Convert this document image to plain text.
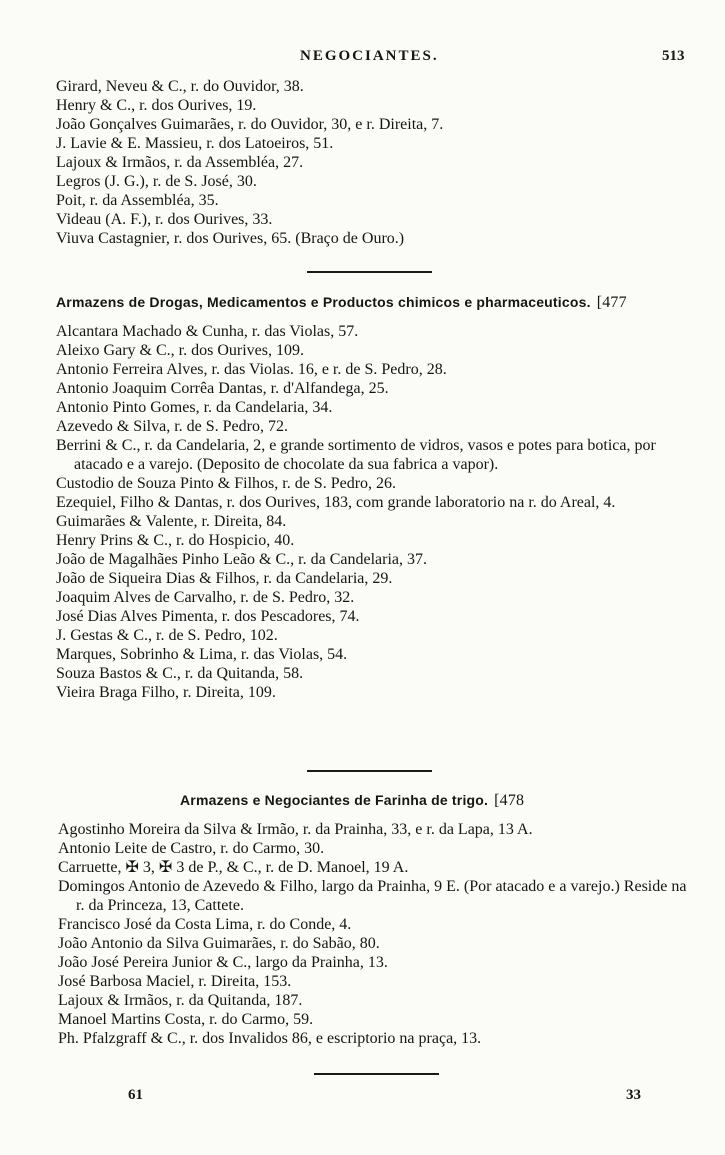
NEGOCIANTES.	513

Girard, Neveu & C., r. do Ouvidor, 38.

Henry & C., r. dos Ourives, 19.

João Gonçalves Guimarães, r. do Ouvidor, 30, e r. Direita, 7.

J. Lavie & E. Massieu, r. dos Latoeiros, 51.

Lajoux & Irmãos, r. da Assembléa, 27.

Legros (J. G.), r. de S. José, 30.

Poit, r. da Assembléa, 35.

Videau (A. F.), r. dos Ourives, 33.

Viuva Castagnier, r. dos Ourives, 65. (Braço de Ouro.)

Armazens de Drogas, Medicamentos e Productos chimicos e pharmaceuticos. [477

Alcantara Machado & Cunha, r. das Violas, 57.

Aleixo Gary & C., r. dos Ourives, 109.

Antonio Ferreira Alves, r. das Violas. 16, e r. de S. Pedro, 28.

Antonio Joaquim Corrêa Dantas, r. d'Alfandega, 25.

Antonio Pinto Gomes, r. da Candelaria, 34.

Azevedo & Silva, r. de S. Pedro, 72.

Berrini & C., r. da Candelaria, 2, e grande sortimento de vidros, vasos e potes para botica, por atacado e a varejo. (Deposito de chocolate da sua fabrica a vapor).

Custodio de Souza Pinto & Filhos, r. de S. Pedro, 26.

Ezequiel, Filho & Dantas, r. dos Ourives, 183, com grande laboratorio na r. do Areal, 4.

Guimarães & Valente, r. Direita, 84.

Henry Prins & C., r. do Hospicio, 40.

João de Magalhães Pinho Leão & C., r. da Candelaria, 37.

João de Siqueira Dias & Filhos, r. da Candelaria, 29.

Joaquim Alves de Carvalho, r. de S. Pedro, 32.

José Dias Alves Pimenta, r. dos Pescadores, 74.

J. Gestas & C., r. de S. Pedro, 102.

Marques, Sobrinho & Lima, r. das Violas, 54.

Souza Bastos & C., r. da Quitanda, 58.

Vieira Braga Filho, r. Direita, 109.

Armazens e Negociantes de Farinha de trigo. [478

Agostinho Moreira da Silva & Irmão, r. da Prainha, 33, e r. da Lapa, 13 A.

Antonio Leite de Castro, r. do Carmo, 30.

Carruette, ✠ 3, ✠ 3 de P., & C., r. de D. Manoel, 19 A.

Domingos Antonio de Azevedo & Filho, largo da Prainha, 9 E. (Por atacado e a varejo.) Reside na r. da Princeza, 13, Cattete.

Francisco José da Costa Lima, r. do Conde, 4.

João Antonio da Silva Guimarães, r. do Sabão, 80.

João José Pereira Junior & C., largo da Prainha, 13.

José Barbosa Maciel, r. Direita, 153.

Lajoux & Irmãos, r. da Quitanda, 187.

Manoel Martins Costa, r. do Carmo, 59.

Ph. Pfalzgraff & C., r. dos Invalidos 86, e escriptorio na praça, 13.

61	33
